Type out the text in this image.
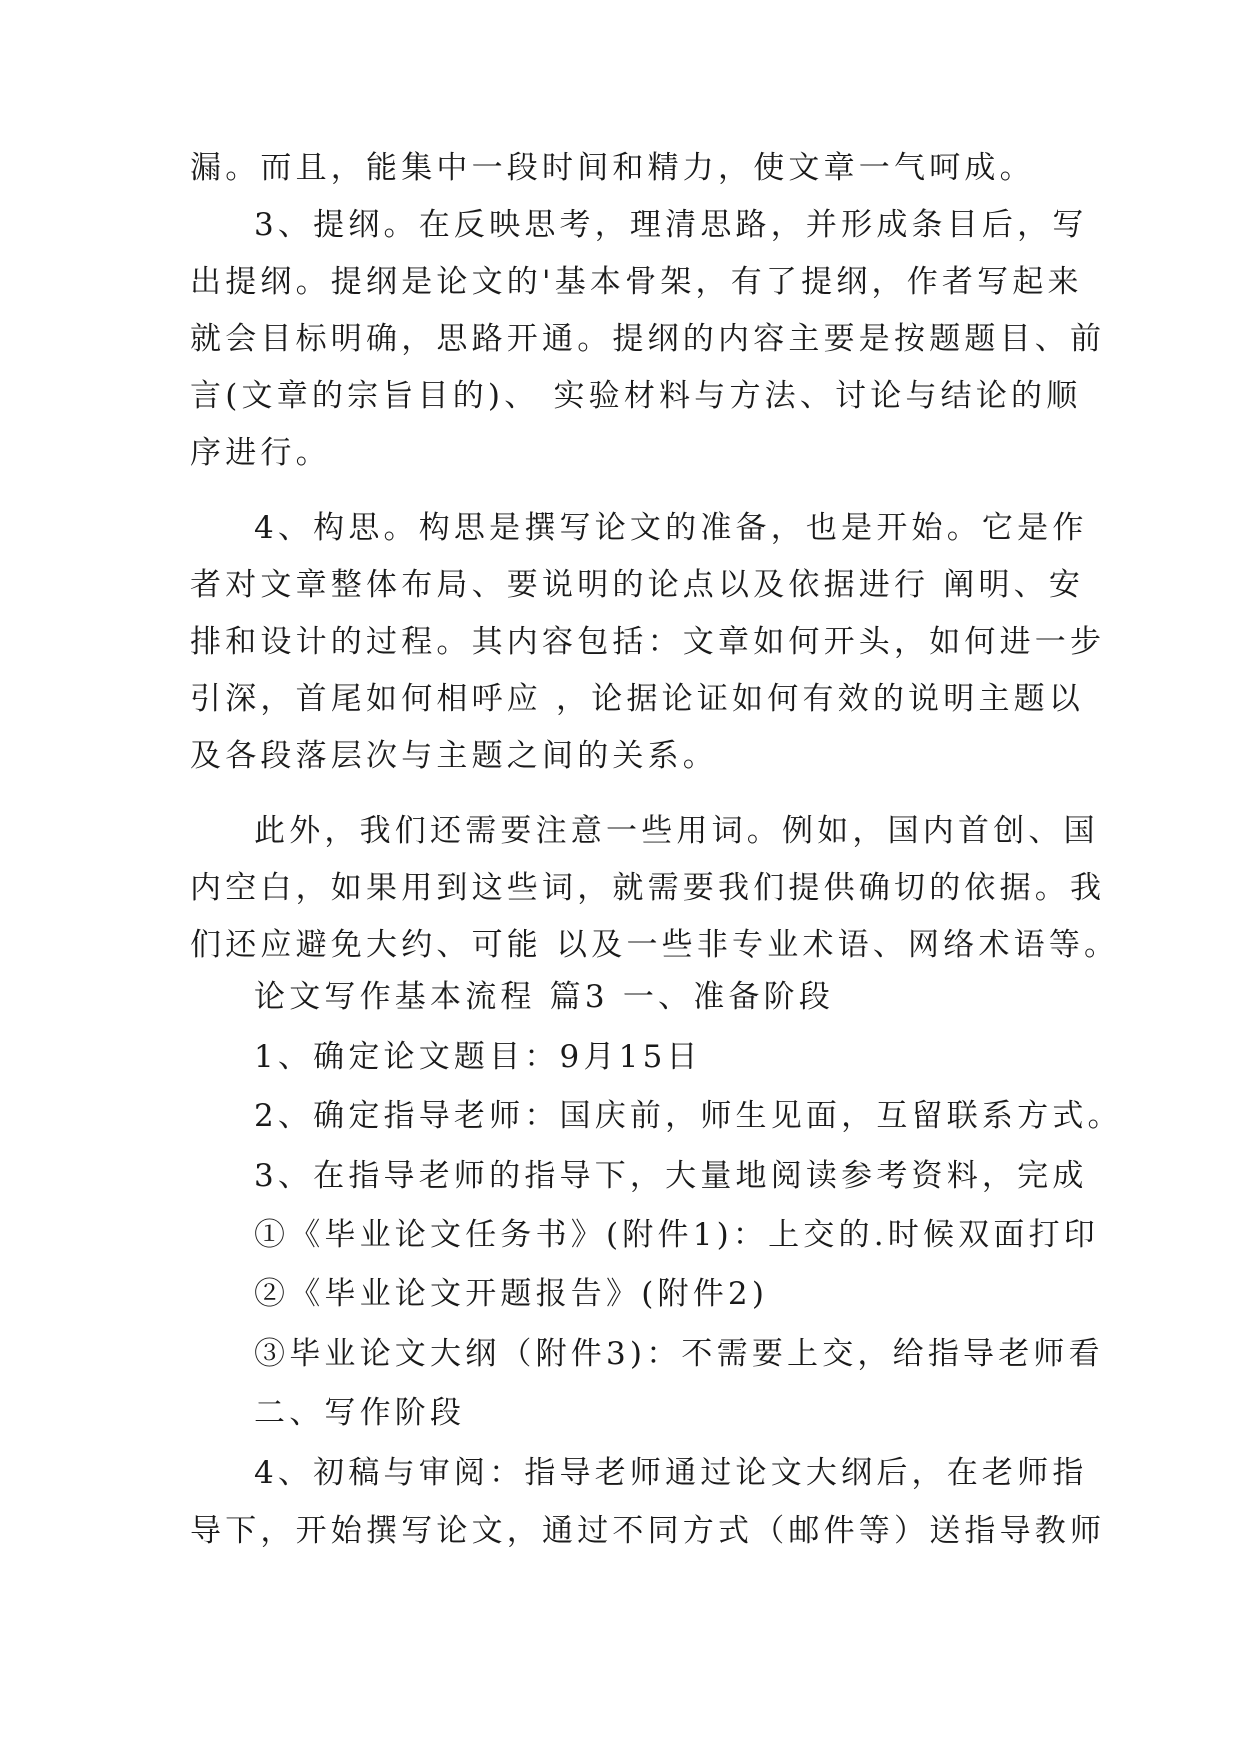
漏。而且，能集中一段时间和精力，使文章一气呵成。
3、提纲。在反映思考，理清思路，并形成条目后，写
出提纲。提纲是论文的'基本骨架，有了提纲，作者写起来
就会目标明确，思路开通。提纲的内容主要是按题题目、前
言(文章的宗旨目的)、 实验材料与方法、讨论与结论的顺
序进行。
4、构思。构思是撰写论文的准备，也是开始。它是作
者对文章整体布局、要说明的论点以及依据进行 阐明、安
排和设计的过程。其内容包括：文章如何开头，如何进一步
引深，首尾如何相呼应 ，论据论证如何有效的说明主题以
及各段落层次与主题之间的关系。
此外，我们还需要注意一些用词。例如，国内首创、国
内空白，如果用到这些词，就需要我们提供确切的依据。我
们还应避免大约、可能 以及一些非专业术语、网络术语等。
论文写作基本流程 篇3 一、准备阶段
1、确定论文题目：9月15日
2、确定指导老师：国庆前，师生见面，互留联系方式。
3、在指导老师的指导下，大量地阅读参考资料，完成
①《毕业论文任务书》(附件1)：上交的.时候双面打印
②《毕业论文开题报告》(附件2)
③毕业论文大纲（附件3)：不需要上交，给指导老师看
二、写作阶段
4、初稿与审阅：指导老师通过论文大纲后，在老师指
导下，开始撰写论文，通过不同方式（邮件等）送指导教师
